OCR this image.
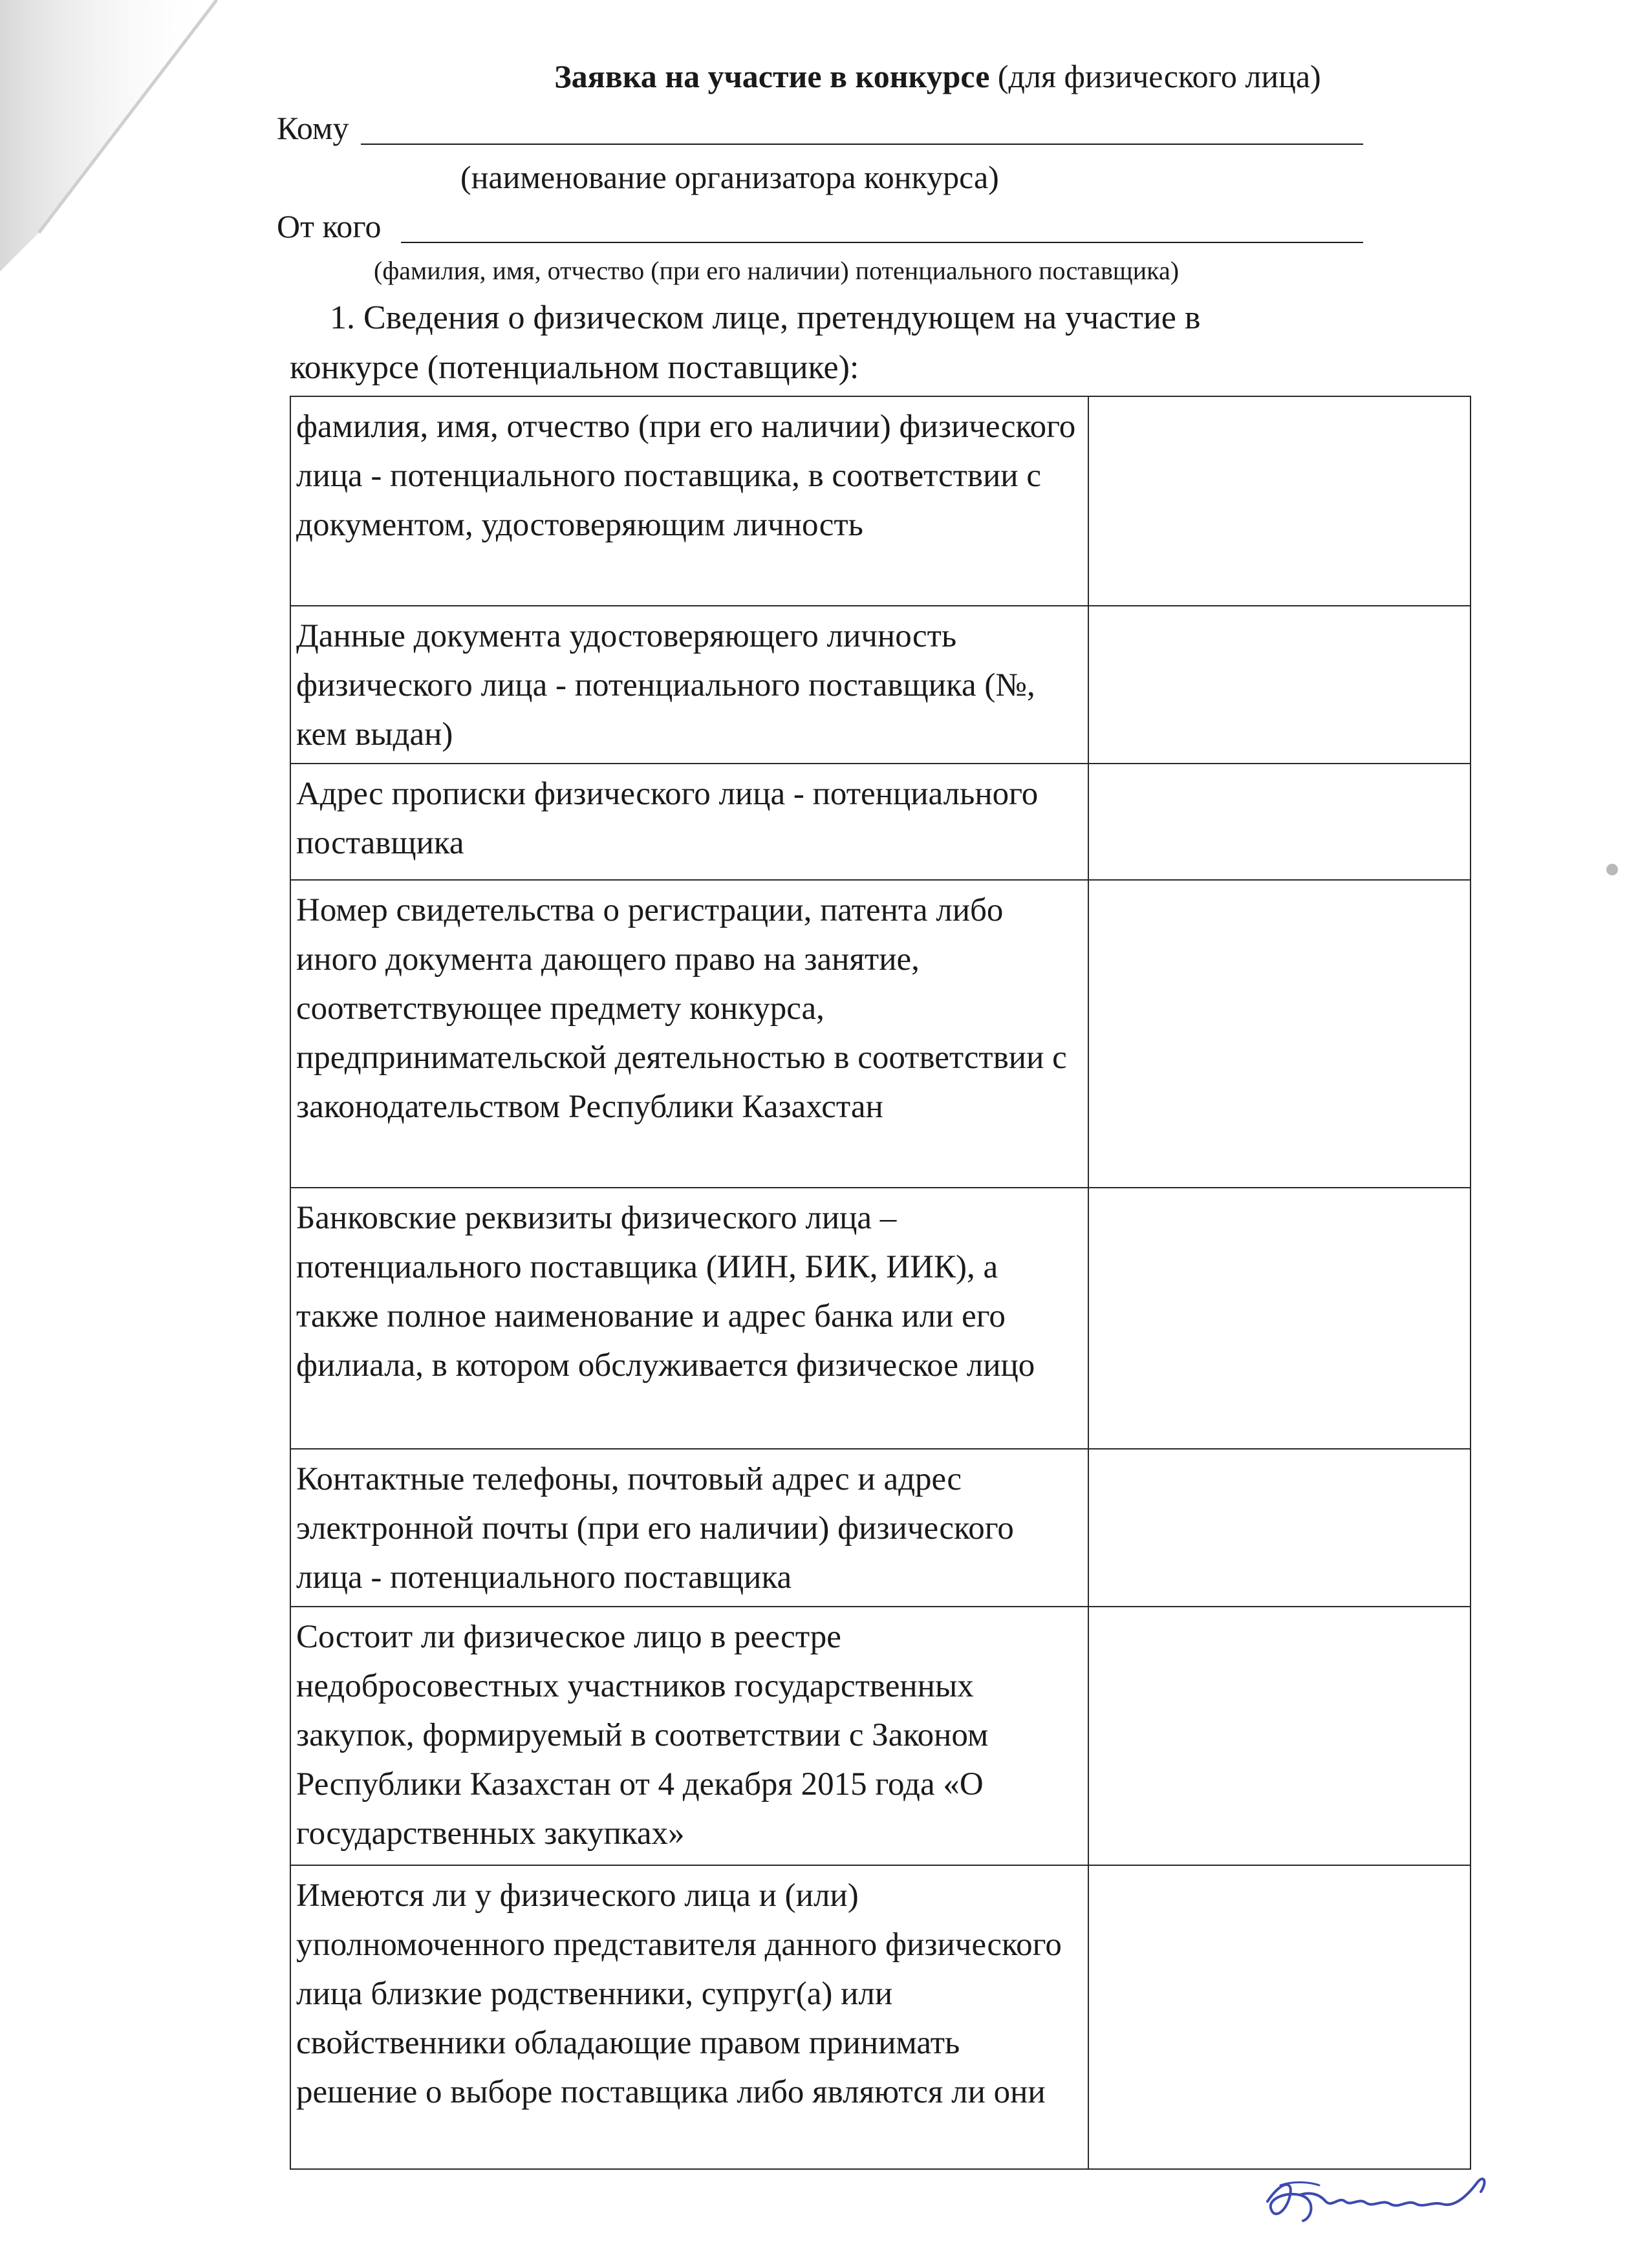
Заявка на участие в конкурсе (для физического лица)
Кому
(наименование организатора конкурса)
От кого
(фамилия, имя, отчество (при его наличии) потенциального поставщика)
1. Сведения о физическом лице, претендующем на участие в
конкурсе (потенциальном поставщике):
фамилия, имя, отчество (при его наличии) физического лица - потенциального поставщика, в соответствии с документом, удостоверяющим личность	
Данные документа удостоверяющего личность физического лица - потенциального поставщика (№, кем выдан)	
Адрес прописки физического лица - потенциального поставщика	
Номер свидетельства о регистрации, патента либо иного документа дающего право на занятие, соответствующее предмету конкурса, предпринимательской деятельностью в соответствии с законодательством Республики Казахстан	
Банковские реквизиты физического лица – потенциального поставщика (ИИН, БИК, ИИК), а также полное наименование и адрес банка или его филиала, в котором обслуживается физическое лицо	
Контактные телефоны, почтовый адрес и адрес электронной почты (при его наличии) физического лица - потенциального поставщика	
Состоит ли физическое лицо в реестре недобросовестных участников государственных закупок, формируемый в соответствии с Законом Республики Казахстан от 4 декабря 2015 года «О государственных закупках»	
Имеются ли у физического лица и (или) уполномоченного представителя данного физического лица близкие родственники, супруг(а) или свойственники обладающие правом принимать решение о выборе поставщика либо являются ли они	
